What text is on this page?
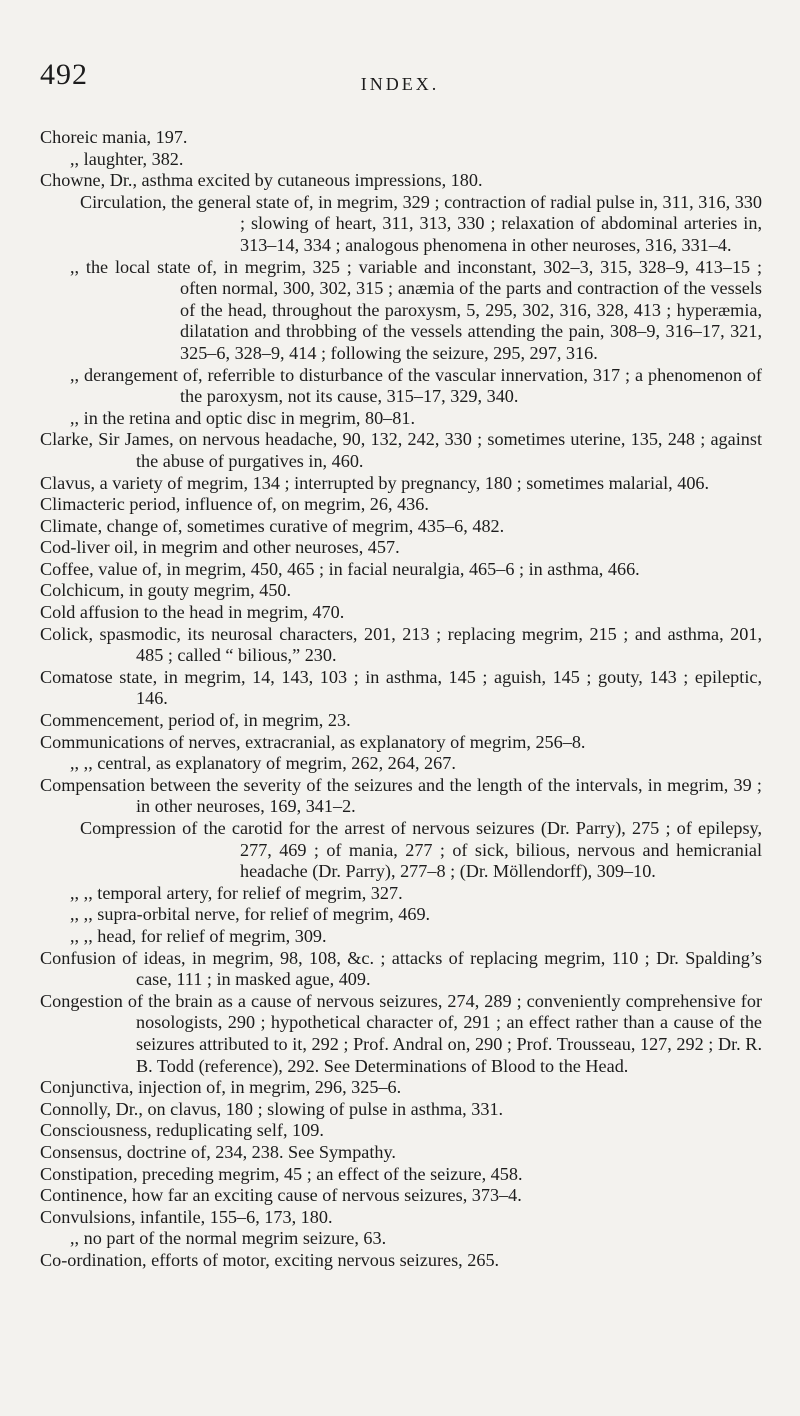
492	INDEX.

Choreic mania, 197.

,, laughter, 382.

Chowne, Dr., asthma excited by cutaneous impressions, 180.

Circulation, the general state of, in megrim, 329 ; contraction of radial pulse in, 311, 316, 330 ; slowing of heart, 311, 313, 330 ; relaxation of abdominal arteries in, 313–14, 334 ; analogous phenomena in other neuroses, 316, 331–4.

,, the local state of, in megrim, 325 ; variable and inconstant, 302–3, 315, 328–9, 413–15 ; often normal, 300, 302, 315 ; anæmia of the parts and contraction of the vessels of the head, throughout the paroxysm, 5, 295, 302, 316, 328, 413 ; hyperæmia, dilatation and throbbing of the vessels attending the pain, 308–9, 316–17, 321, 325–6, 328–9, 414 ; following the seizure, 295, 297, 316.

,, derangement of, referrible to disturbance of the vascular innervation, 317 ; a phenomenon of the paroxysm, not its cause, 315–17, 329, 340.

,, in the retina and optic disc in megrim, 80–81.

Clarke, Sir James, on nervous headache, 90, 132, 242, 330 ; sometimes uterine, 135, 248 ; against the abuse of purgatives in, 460.

Clavus, a variety of megrim, 134 ; interrupted by pregnancy, 180 ; sometimes malarial, 406.

Climacteric period, influence of, on megrim, 26, 436.

Climate, change of, sometimes curative of megrim, 435–6, 482.

Cod-liver oil, in megrim and other neuroses, 457.

Coffee, value of, in megrim, 450, 465 ; in facial neuralgia, 465–6 ; in asthma, 466.

Colchicum, in gouty megrim, 450.

Cold affusion to the head in megrim, 470.

Colick, spasmodic, its neurosal characters, 201, 213 ; replacing megrim, 215 ; and asthma, 201, 485 ; called “ bilious,” 230.

Comatose state, in megrim, 14, 143, 103 ; in asthma, 145 ; aguish, 145 ; gouty, 143 ; epileptic, 146.

Commencement, period of, in megrim, 23.

Communications of nerves, extracranial, as explanatory of megrim, 256–8.

,, ,, central, as explanatory of megrim, 262, 264, 267.

Compensation between the severity of the seizures and the length of the intervals, in megrim, 39 ; in other neuroses, 169, 341–2.

Compression of the carotid for the arrest of nervous seizures (Dr. Parry), 275 ; of epilepsy, 277, 469 ; of mania, 277 ; of sick, bilious, nervous and hemicranial headache (Dr. Parry), 277–8 ; (Dr. Möllendorff), 309–10.

,, ,, temporal artery, for relief of megrim, 327.

,, ,, supra-orbital nerve, for relief of megrim, 469.

,, ,, head, for relief of megrim, 309.

Confusion of ideas, in megrim, 98, 108, &c. ; attacks of replacing megrim, 110 ; Dr. Spalding’s case, 111 ; in masked ague, 409.

Congestion of the brain as a cause of nervous seizures, 274, 289 ; conveniently comprehensive for nosologists, 290 ; hypothetical character of, 291 ; an effect rather than a cause of the seizures attributed to it, 292 ; Prof. Andral on, 290 ; Prof. Trousseau, 127, 292 ; Dr. R. B. Todd (reference), 292. See Determinations of Blood to the Head.

Conjunctiva, injection of, in megrim, 296, 325–6.

Connolly, Dr., on clavus, 180 ; slowing of pulse in asthma, 331.

Consciousness, reduplicating self, 109.

Consensus, doctrine of, 234, 238. See Sympathy.

Constipation, preceding megrim, 45 ; an effect of the seizure, 458.

Continence, how far an exciting cause of nervous seizures, 373–4.

Convulsions, infantile, 155–6, 173, 180.

,, no part of the normal megrim seizure, 63.

Co-ordination, efforts of motor, exciting nervous seizures, 265.
